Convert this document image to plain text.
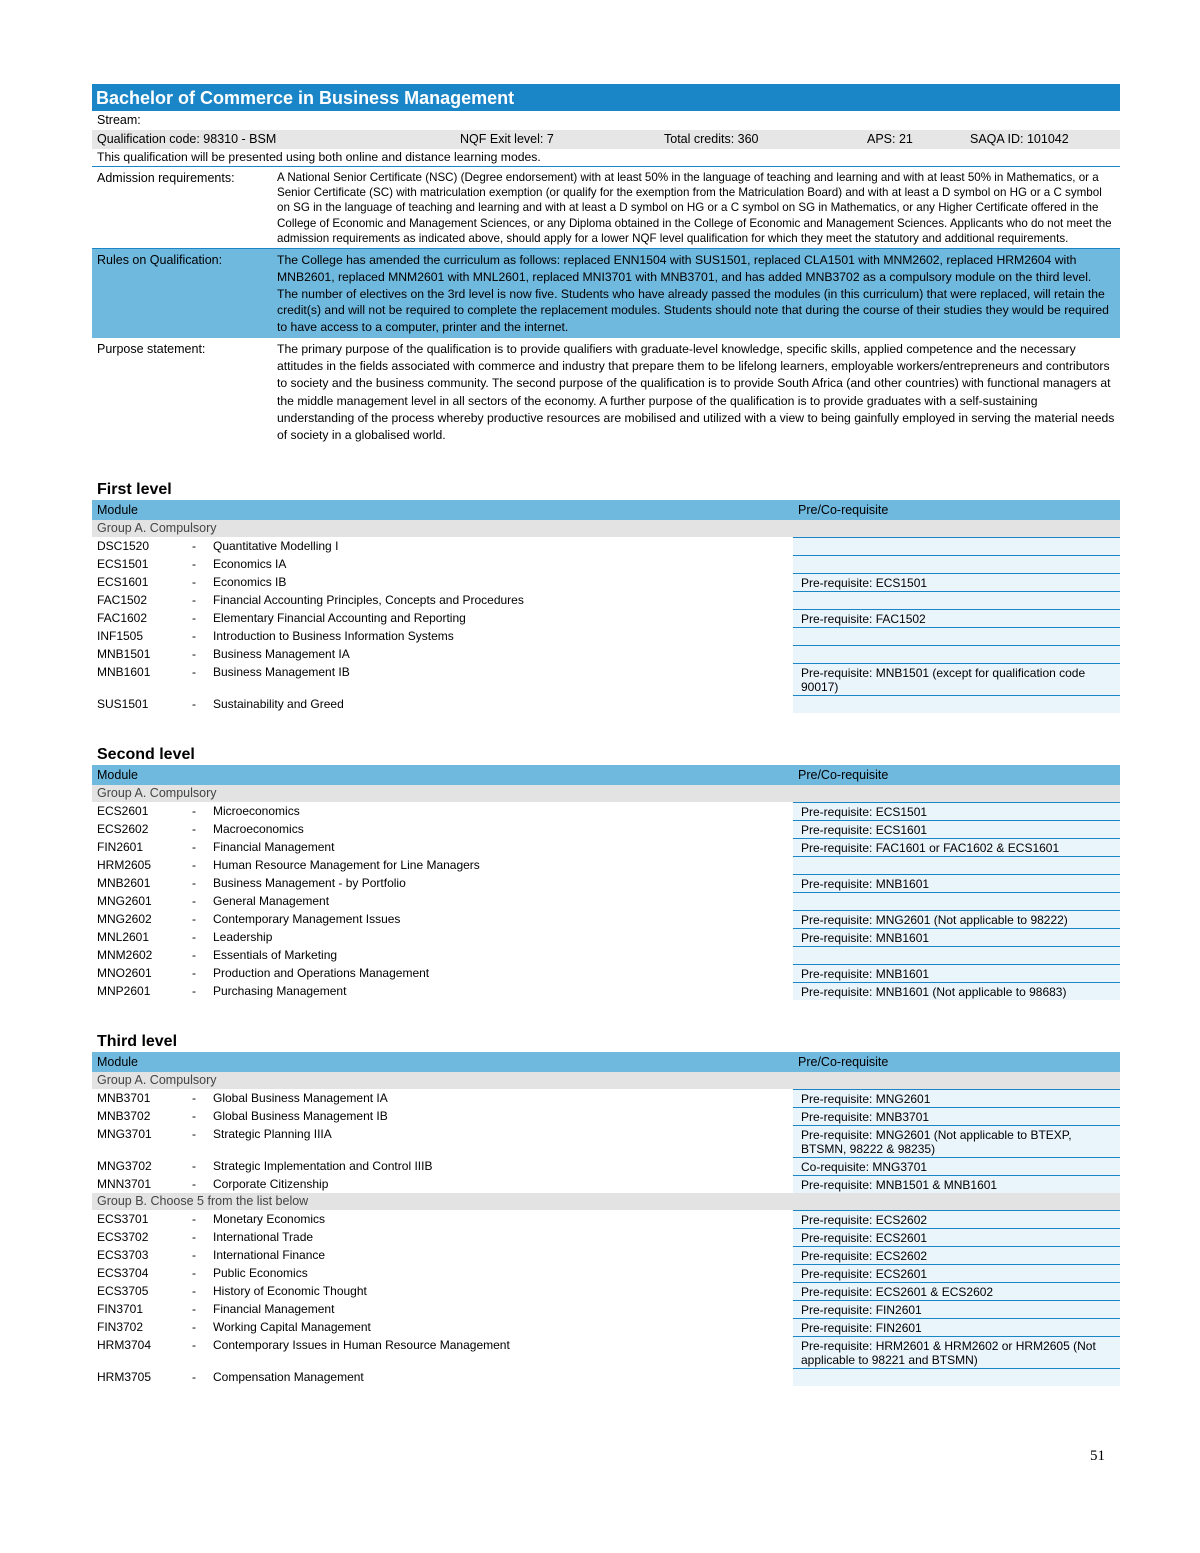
Bachelor of Commerce in Business Management
Stream:
Qualification code: 98310 - BSM	NQF Exit level: 7	Total credits: 360	APS: 21	SAQA ID: 101042
This qualification will be presented using both online and distance learning modes.
Admission requirements:	A National Senior Certificate (NSC) (Degree endorsement) with at least 50% in the language of teaching and learning and with at least 50% in Mathematics, or a Senior Certificate (SC) with matriculation exemption (or qualify for the exemption from the Matriculation Board) and with at least a D symbol on HG or a C symbol on SG in the language of teaching and learning and with at least a D symbol on HG or a C symbol on SG in Mathematics, or any Higher Certificate offered in the College of Economic and Management Sciences, or any Diploma obtained in the College of Economic and Management Sciences. Applicants who do not meet the admission requirements as indicated above, should apply for a lower NQF level qualification for which they meet the statutory and additional requirements.
Rules on Qualification:	The College has amended the curriculum as follows: replaced ENN1504 with SUS1501, replaced CLA1501 with MNM2602, replaced HRM2604 with MNB2601, replaced MNM2601 with MNL2601, replaced MNI3701 with MNB3701, and has added MNB3702 as a compulsory module on the third level. The number of electives on the 3rd level is now five. Students who have already passed the modules (in this curriculum) that were replaced, will retain the credit(s) and will not be required to complete the replacement modules. Students should note that during the course of their studies they would be required to have access to a computer, printer and the internet.
Purpose statement:	The primary purpose of the qualification is to provide qualifiers with graduate-level knowledge, specific skills, applied competence and the necessary attitudes in the fields associated with commerce and industry that prepare them to be lifelong learners, employable workers/entrepreneurs and contributors to society and the business community. The second purpose of the qualification is to provide South Africa (and other countries) with functional managers at the middle management level in all sectors of the economy. A further purpose of the qualification is to provide graduates with a self-sustaining understanding of the process whereby productive resources are mobilised and utilized with a view to being gainfully employed in serving the material needs of society in a globalised world.
First level
Module	Pre/Co-requisite
Group A. Compulsory
DSC1520	-	Quantitative Modelling I
ECS1501	-	Economics IA
ECS1601	-	Economics IB	Pre-requisite: ECS1501
FAC1502	-	Financial Accounting Principles, Concepts and Procedures
FAC1602	-	Elementary Financial Accounting and Reporting	Pre-requisite: FAC1502
INF1505	-	Introduction to Business Information Systems
MNB1501	-	Business Management IA
MNB1601	-	Business Management IB	Pre-requisite: MNB1501 (except for qualification code 90017)
SUS1501	-	Sustainability and Greed
Second level
Module	Pre/Co-requisite
Group A. Compulsory
ECS2601	-	Microeconomics	Pre-requisite: ECS1501
ECS2602	-	Macroeconomics	Pre-requisite: ECS1601
FIN2601	-	Financial Management	Pre-requisite: FAC1601 or FAC1602 & ECS1601
HRM2605	-	Human Resource Management for Line Managers
MNB2601	-	Business Management - by Portfolio	Pre-requisite: MNB1601
MNG2601	-	General Management
MNG2602	-	Contemporary Management Issues	Pre-requisite: MNG2601 (Not applicable to 98222)
MNL2601	-	Leadership	Pre-requisite: MNB1601
MNM2602	-	Essentials of Marketing
MNO2601	-	Production and Operations Management	Pre-requisite: MNB1601
MNP2601	-	Purchasing Management	Pre-requisite: MNB1601 (Not applicable to 98683)
Third level
Module	Pre/Co-requisite
Group A. Compulsory
MNB3701	-	Global Business Management IA	Pre-requisite: MNG2601
MNB3702	-	Global Business Management IB	Pre-requisite: MNB3701
MNG3701	-	Strategic Planning IIIA	Pre-requisite: MNG2601 (Not applicable to BTEXP, BTSMN, 98222 & 98235)
MNG3702	-	Strategic Implementation and Control IIIB	Co-requisite: MNG3701
MNN3701	-	Corporate Citizenship	Pre-requisite: MNB1501 & MNB1601
Group B. Choose 5 from the list below
ECS3701	-	Monetary Economics	Pre-requisite: ECS2602
ECS3702	-	International Trade	Pre-requisite: ECS2601
ECS3703	-	International Finance	Pre-requisite: ECS2602
ECS3704	-	Public Economics	Pre-requisite: ECS2601
ECS3705	-	History of Economic Thought	Pre-requisite: ECS2601 & ECS2602
FIN3701	-	Financial Management	Pre-requisite: FIN2601
FIN3702	-	Working Capital Management	Pre-requisite: FIN2601
HRM3704	-	Contemporary Issues in Human Resource Management	Pre-requisite: HRM2601 & HRM2602 or HRM2605 (Not applicable to 98221 and BTSMN)
HRM3705	-	Compensation Management
51
